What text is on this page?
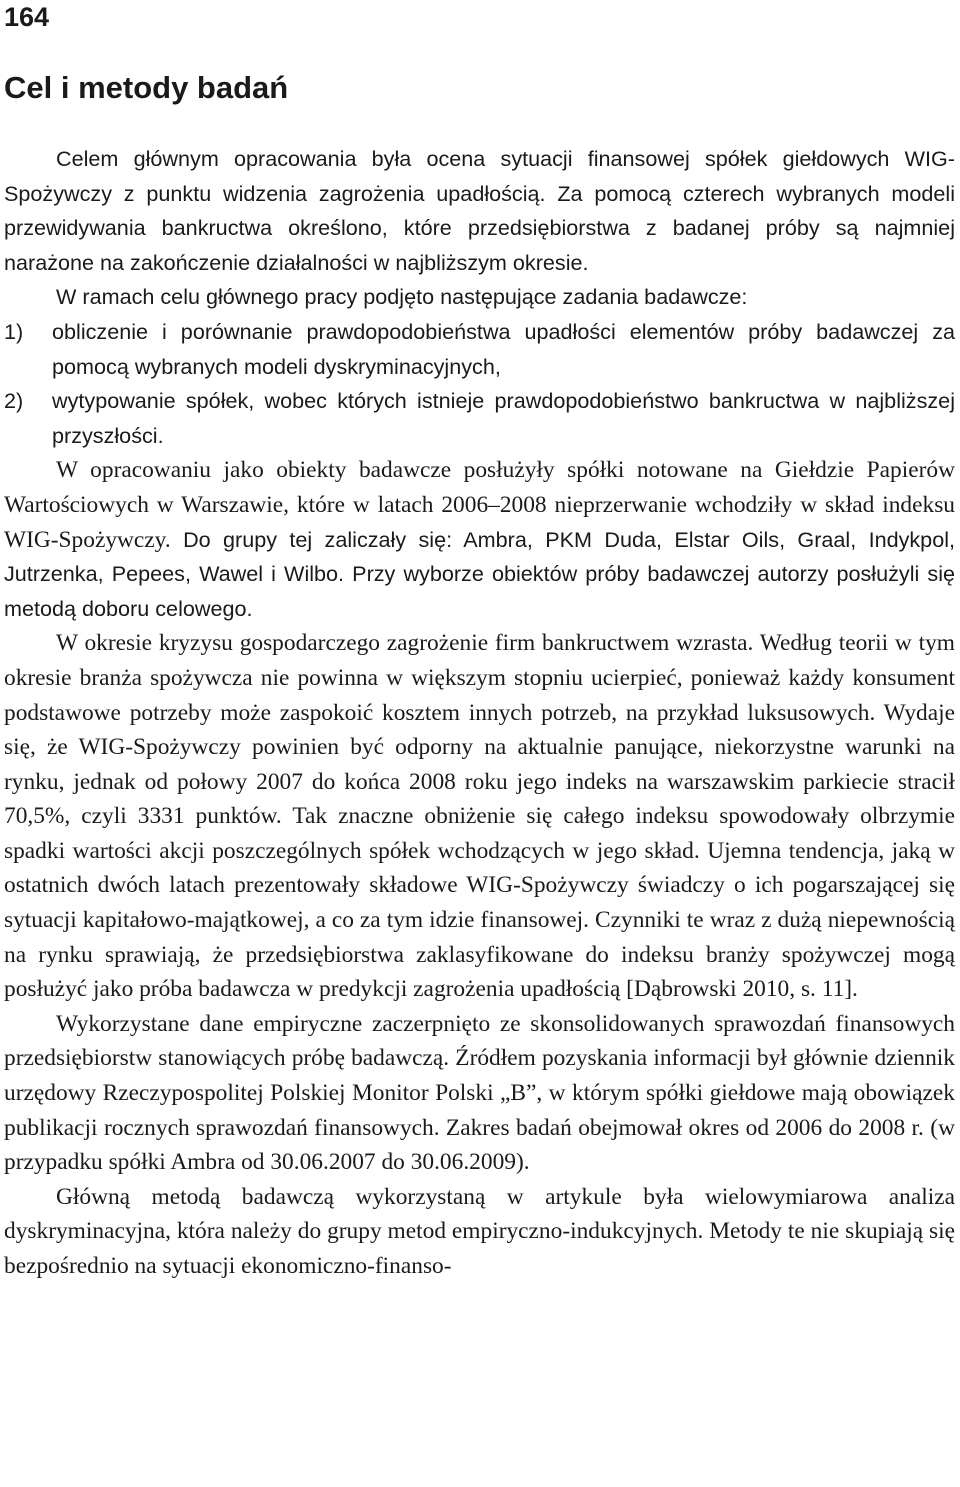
164
Cel i metody badań

Celem głównym opracowania była ocena sytuacji finansowej spółek giełdowych WIG-Spożywczy z punktu widzenia zagrożenia upadłością. Za pomocą czterech wybranych modeli przewidywania bankructwa określono, które przedsiębiorstwa z badanej próby są najmniej narażone na zakończenie działalności w najbliższym okresie.

W ramach celu głównego pracy podjęto następujące zadania badawcze:

1) obliczenie i porównanie prawdopodobieństwa upadłości elementów próby badawczej za pomocą wybranych modeli dyskryminacyjnych,
2) wytypowanie spółek, wobec których istnieje prawdopodobieństwo bankructwa w najbliższej przyszłości.

W opracowaniu jako obiekty badawcze posłużyły spółki notowane na Giełdzie Papierów Wartościowych w Warszawie, które w latach 2006–2008 nieprzerwanie wchodziły w skład indeksu WIG-Spożywczy. Do grupy tej zaliczały się: Ambra, PKM Duda, Elstar Oils, Graal, Indykpol, Jutrzenka, Pepees, Wawel i Wilbo. Przy wyborze obiektów próby badawczej autorzy posłużyli się metodą doboru celowego.

W okresie kryzysu gospodarczego zagrożenie firm bankructwem wzrasta. Według teorii w tym okresie branża spożywcza nie powinna w większym stopniu ucierpieć, ponieważ każdy konsument podstawowe potrzeby może zaspokoić kosztem innych potrzeb, na przykład luksusowych. Wydaje się, że WIG-Spożywczy powinien być odporny na aktualnie panujące, niekorzystne warunki na rynku, jednak od połowy 2007 do końca 2008 roku jego indeks na warszawskim parkiecie stracił 70,5%, czyli 3331 punktów. Tak znaczne obniżenie się całego indeksu spowodowały olbrzymie spadki wartości akcji poszczególnych spółek wchodzących w jego skład. Ujemna tendencja, jaką w ostatnich dwóch latach prezentowały składowe WIG-Spożywczy świadczy o ich pogarszającej się sytuacji kapitałowo-majątkowej, a co za tym idzie finansowej. Czynniki te wraz z dużą niepewnością na rynku sprawiają, że przedsiębiorstwa zaklasyfikowane do indeksu branży spożywczej mogą posłużyć jako próba badawcza w predykcji zagrożenia upadłością [Dąbrowski 2010, s. 11].

Wykorzystane dane empiryczne zaczerpnięto ze skonsolidowanych sprawozdań finansowych przedsiębiorstw stanowiących próbę badawczą. Źródłem pozyskania informacji był głównie dziennik urzędowy Rzeczypospolitej Polskiej Monitor Polski „B”, w którym spółki giełdowe mają obowiązek publikacji rocznych sprawozdań finansowych. Zakres badań obejmował okres od 2006 do 2008 r. (w przypadku spółki Ambra od 30.06.2007 do 30.06.2009).

Główną metodą badawczą wykorzystaną w artykule była wielowymiarowa analiza dyskryminacyjna, która należy do grupy metod empiryczno-indukcyjnych. Metody te nie skupiają się bezpośrednio na sytuacji ekonomiczno-finanso-
